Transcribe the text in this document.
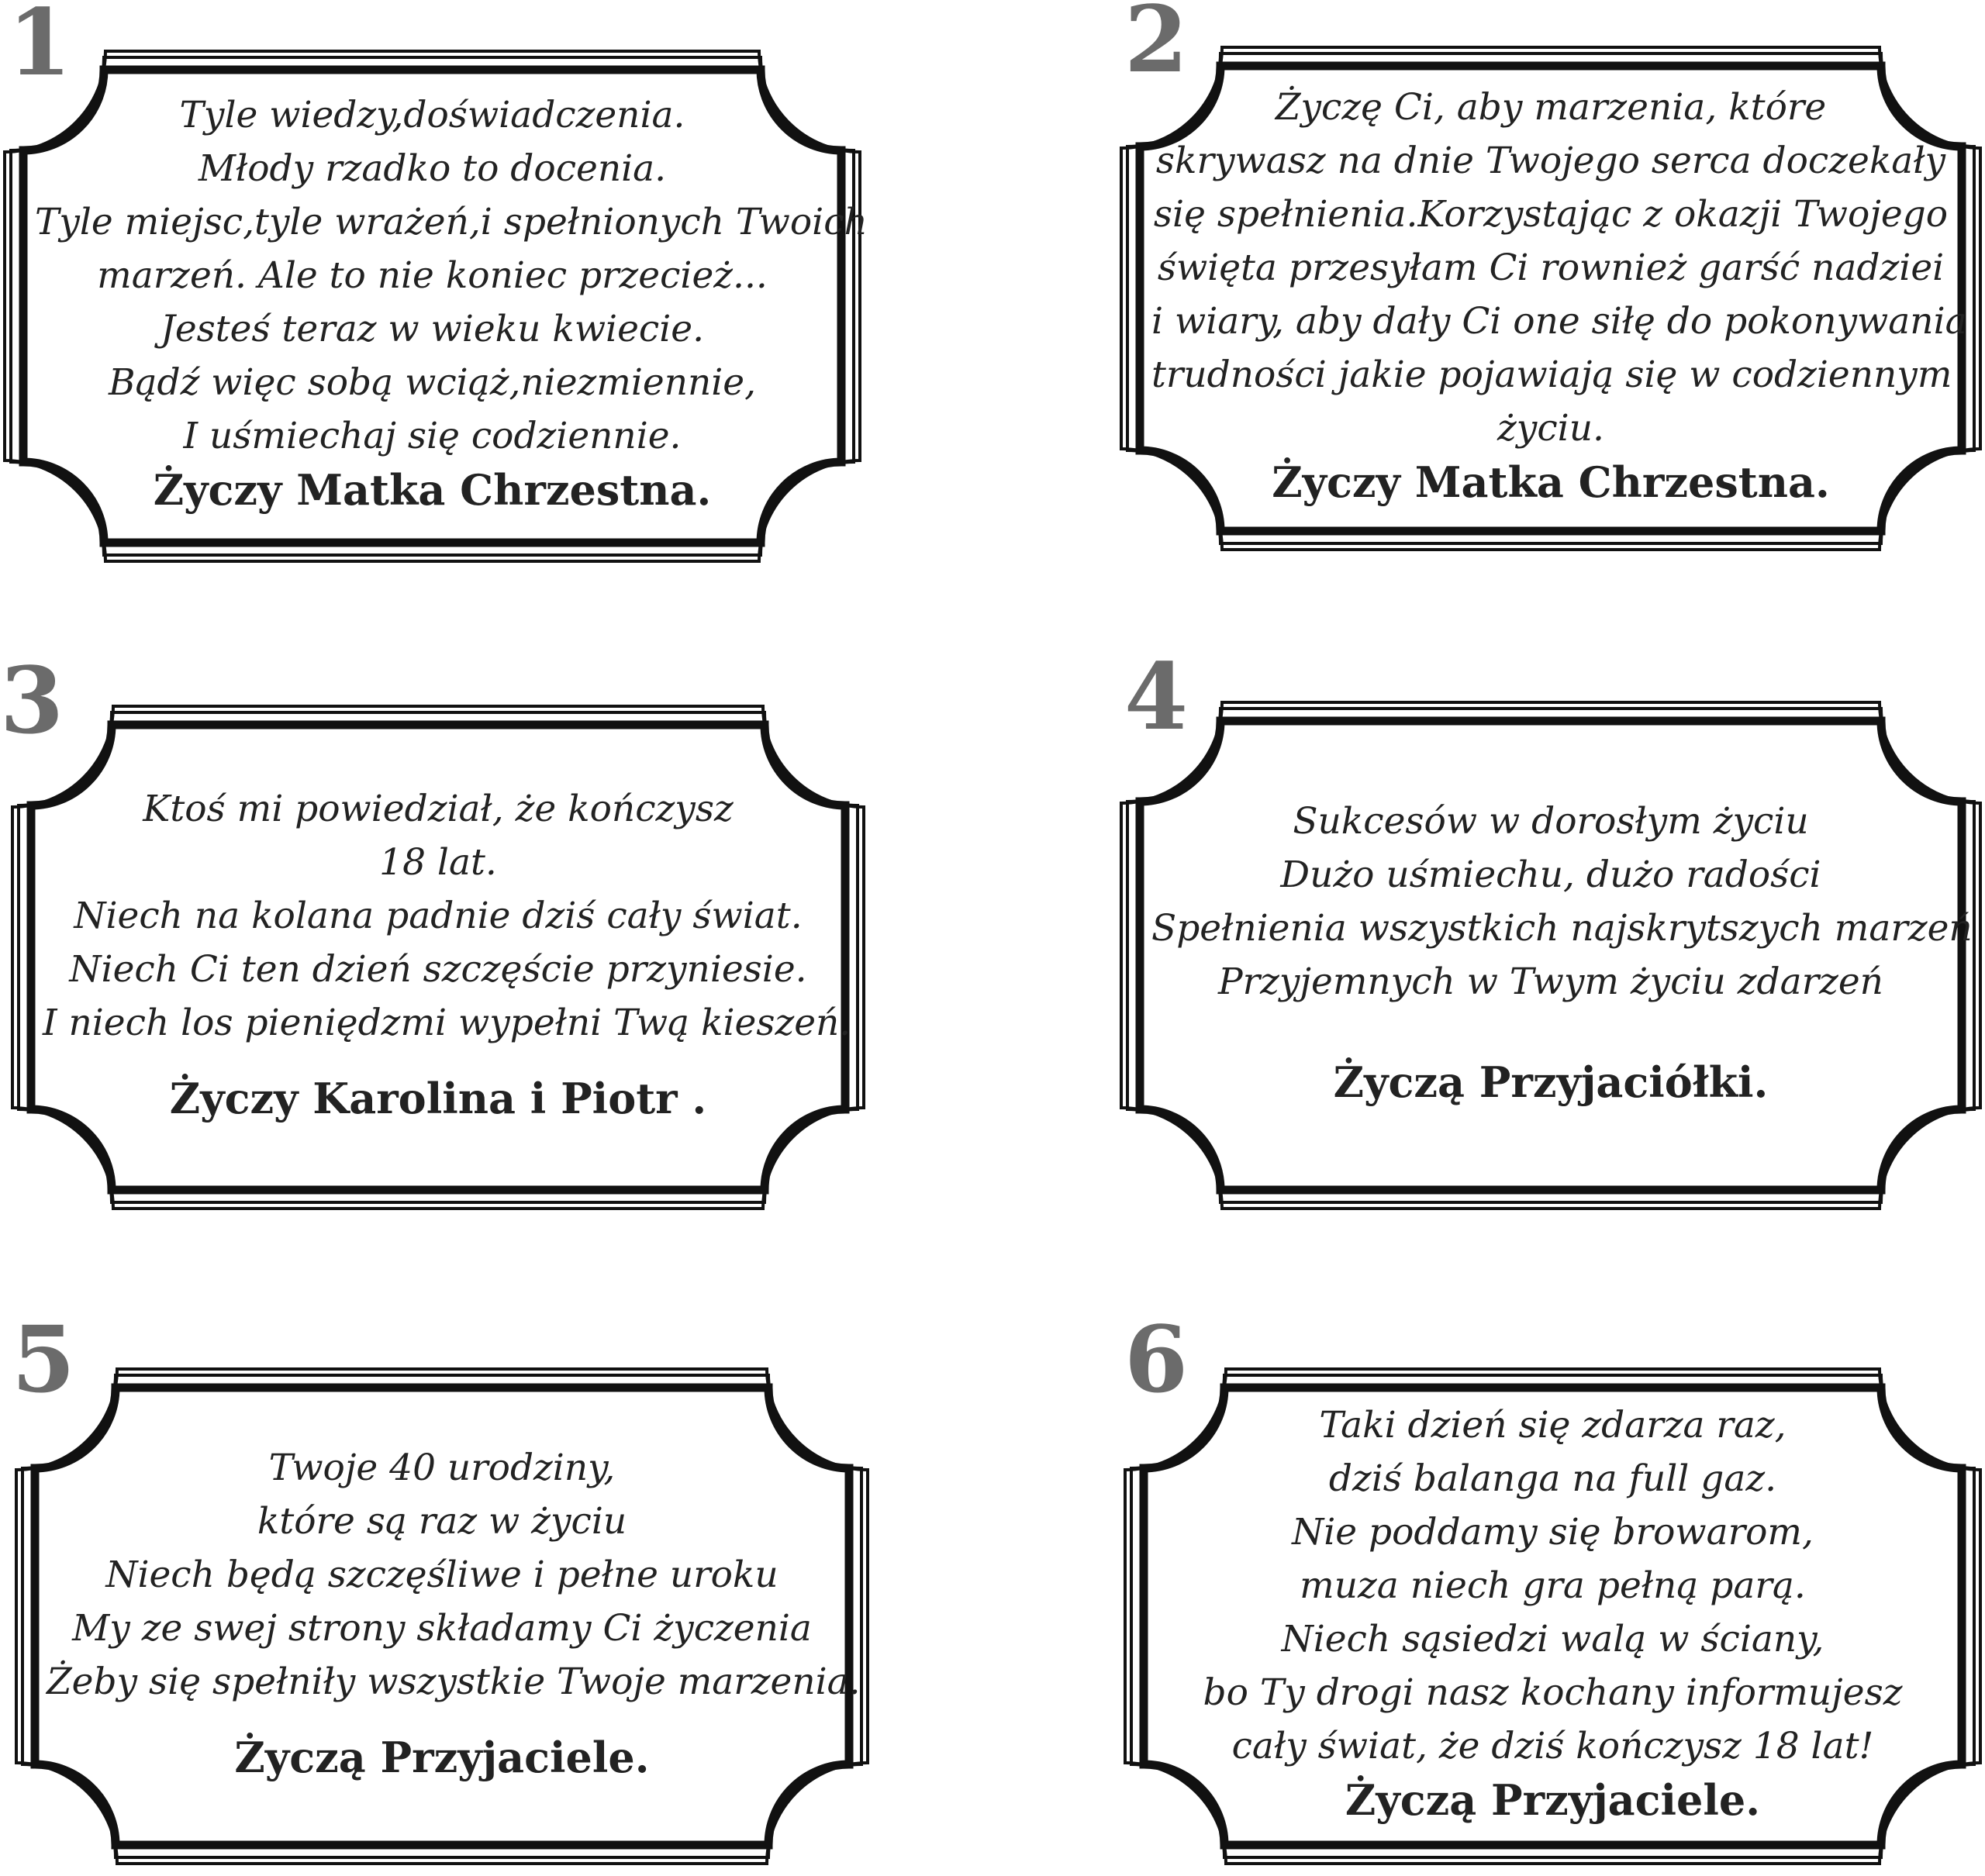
Tyle wiedzy,doświadczenia.
Młody rzadko to docenia.
Tyle miejsc,tyle wrażeń,i spełnionych Twoich
marzeń. Ale to nie koniec przecież...
Jesteś teraz w wieku kwiecie.
Bądź więc sobą wciąż,niezmiennie,
I uśmiechaj się codziennie.
Życzy Matka Chrzestna.
1
Życzę Ci, aby marzenia, które
skrywasz na dnie Twojego serca doczekały
się spełnienia.Korzystając z okazji Twojego
święta przesyłam Ci rownież garść nadziei
i wiary, aby dały Ci one siłę do pokonywania
trudności jakie pojawiają się w codziennym
życiu.
Życzy Matka Chrzestna.
2
Ktoś mi powiedział, że kończysz
18 lat.
Niech na kolana padnie dziś cały świat.
Niech Ci ten dzień szczęście przyniesie.
I niech los pieniędzmi wypełni Twą kieszeń.
Życzy Karolina i Piotr .
3
Sukcesów w dorosłym życiu
Dużo uśmiechu, dużo radości
Spełnienia wszystkich najskrytszych marzeń
Przyjemnych w Twym życiu zdarzeń
Życzą Przyjaciółki.
4
Twoje 40 urodziny,
które są raz w życiu
Niech będą szczęśliwe i pełne uroku
My ze swej strony składamy Ci życzenia
Żeby się spełniły wszystkie Twoje marzenia.
Życzą Przyjaciele.
5
Taki dzień się zdarza raz,
dziś balanga na full gaz.
Nie poddamy się browarom,
muza niech gra pełną parą.
Niech sąsiedzi walą w ściany,
bo Ty drogi nasz kochany informujesz
cały świat, że dziś kończysz 18 lat!
Życzą Przyjaciele.
6
